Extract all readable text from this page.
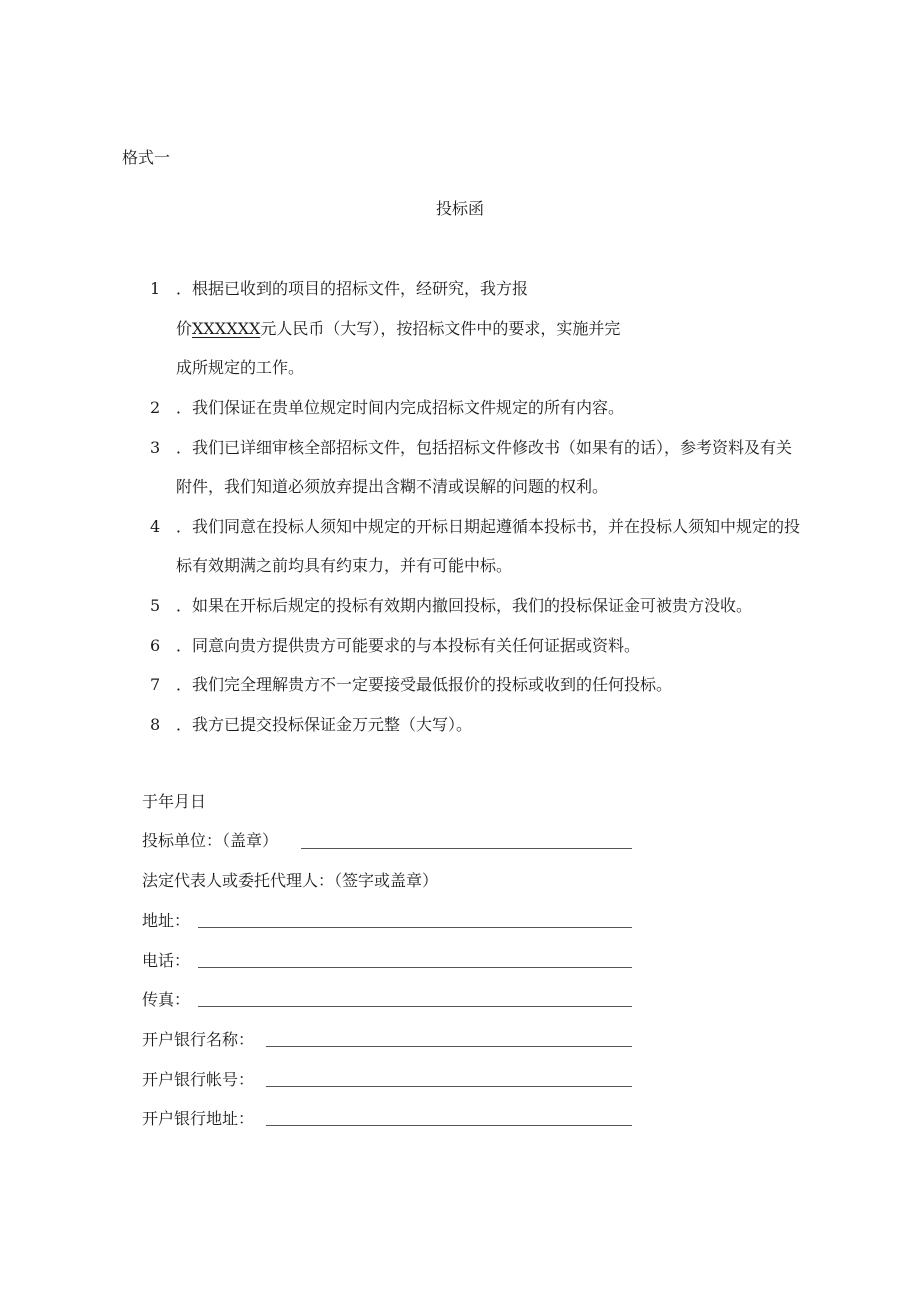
格式一
投标函
1 ．根据已收到的项目的招标文件，经研究，我方报
价XXXXXX元人民币（大写），按招标文件中的要求，实施并完
成所规定的工作。
2 ．我们保证在贵单位规定时间内完成招标文件规定的所有内容。
3 ．我们已详细审核全部招标文件，包括招标文件修改书（如果有的话），参考资料及有关
附件，我们知道必须放弃提出含糊不清或误解的问题的权利。
4 ．我们同意在投标人须知中规定的开标日期起遵循本投标书，并在投标人须知中规定的投
标有效期满之前均具有约束力，并有可能中标。
5 ．如果在开标后规定的投标有效期内撤回投标，我们的投标保证金可被贵方没收。
6 ．同意向贵方提供贵方可能要求的与本投标有关任何证据或资料。
7 ．我们完全理解贵方不一定要接受最低报价的投标或收到的任何投标。
8 ．我方已提交投标保证金万元整（大写）。
于年月日
投标单位：（盖章）
法定代表人或委托代理人：（签字或盖章）
地址：
电话：
传真：
开户银行名称：
开户银行帐号：
开户银行地址：
